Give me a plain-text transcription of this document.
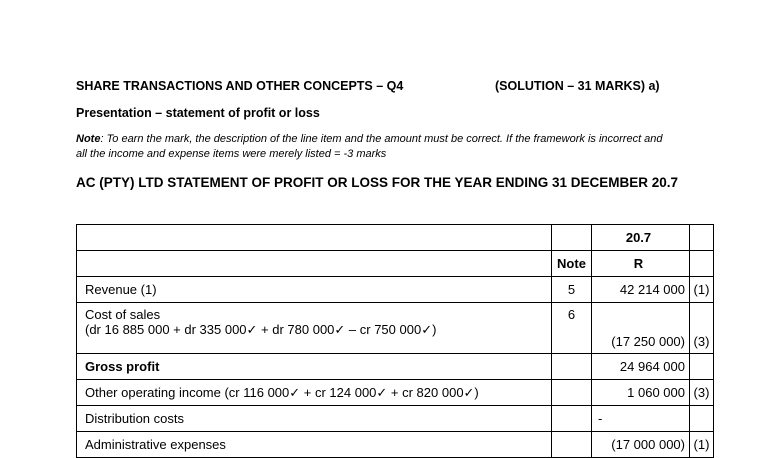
SHARE TRANSACTIONS AND OTHER CONCEPTS – Q4	(SOLUTION – 31 MARKS) a)
Presentation – statement of profit or loss
Note: To earn the mark, the description of the line item and the amount must be correct. If the framework is incorrect and
all the income and expense items were merely listed = -3 marks
AC (PTY) LTD STATEMENT OF PROFIT OR LOSS FOR THE YEAR ENDING 31 DECEMBER 20.7
		20.7	
	Note	R	
Revenue (1)	5	42 214 000	(1)

Cost of sales
(dr 16 885 000 + dr 335 000✓ + dr 780 000✓ – cr 750 000✓)	6	(17 250 000)	(3)
Gross profit		24 964 000	
Other operating income (cr 116 000✓ + cr 124 000✓ + cr 820 000✓)		1 060 000	(3)
Distribution costs		-	
Administrative expenses		(17 000 000)	(1)
